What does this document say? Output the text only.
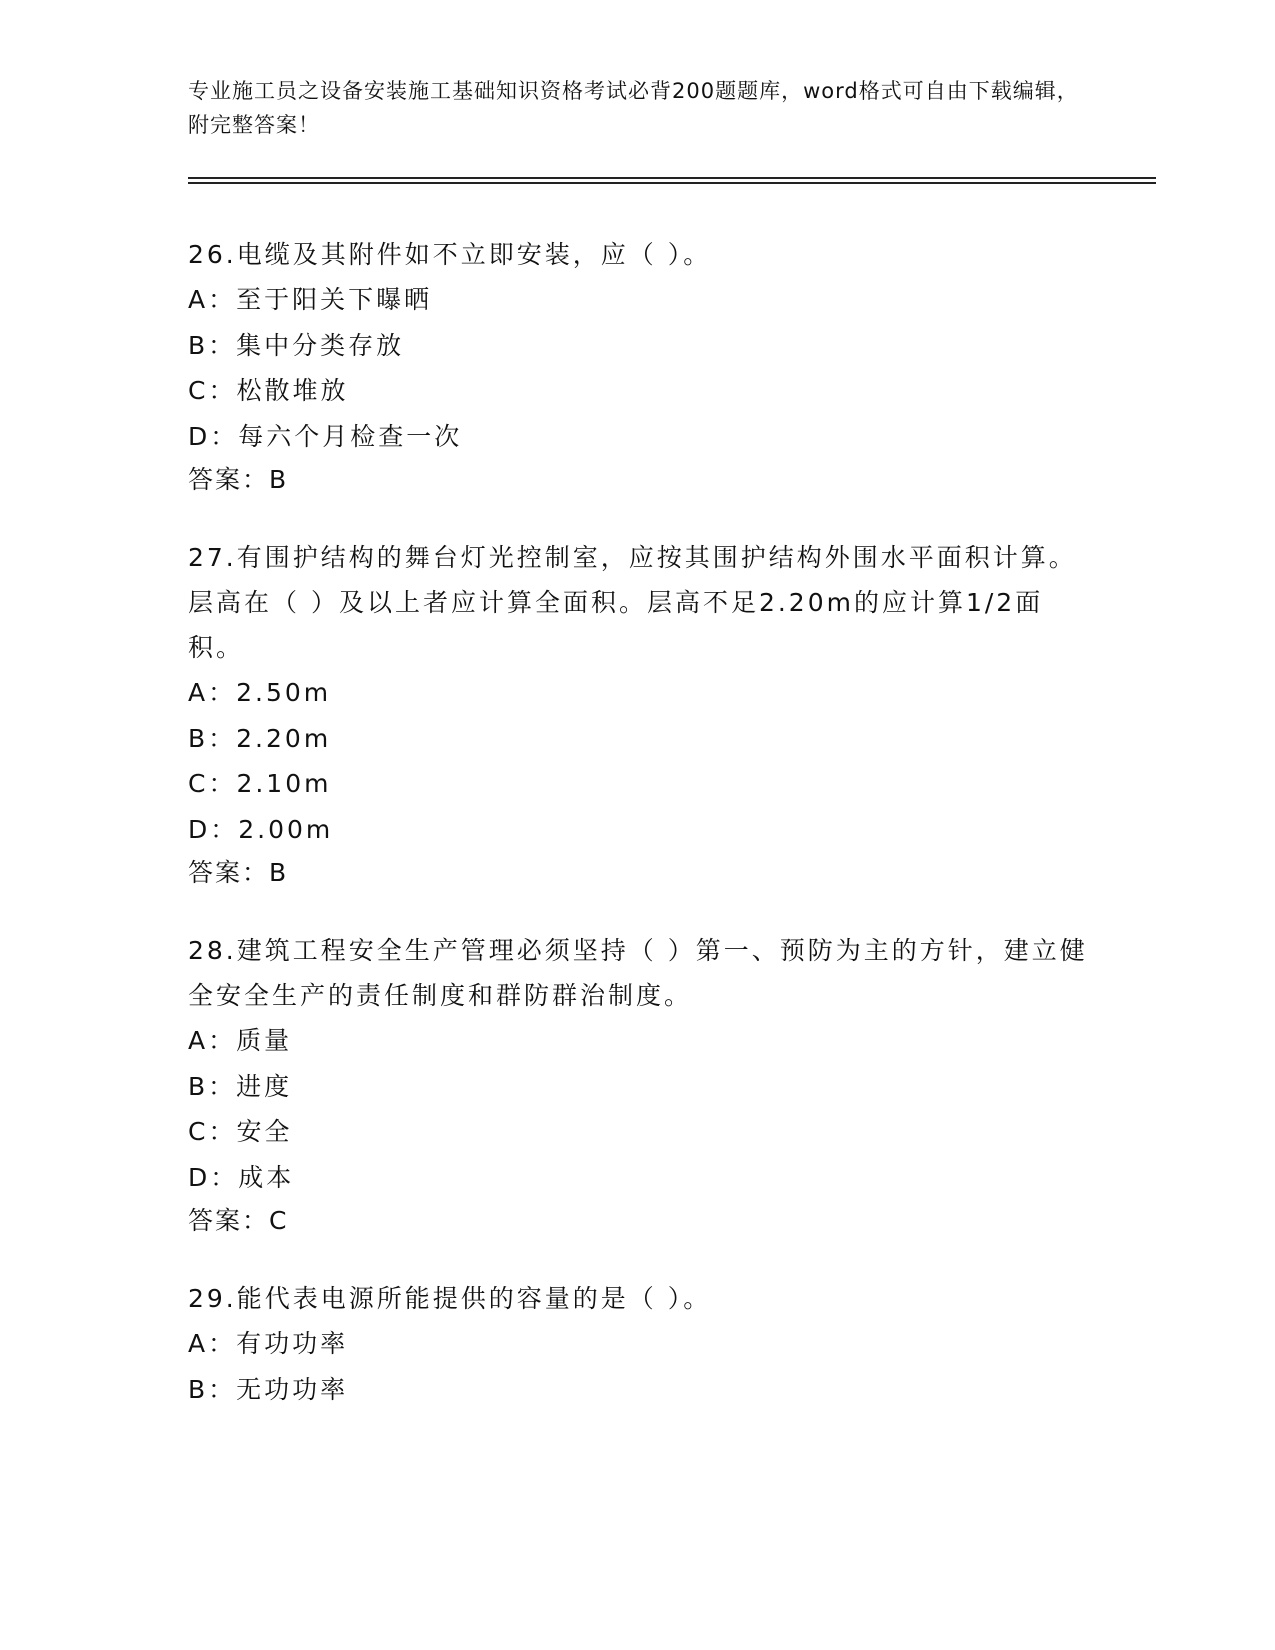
专业施工员之设备安装施工基础知识资格考试必背200题题库，word格式可自由下载编辑，附完整答案！
26.电缆及其附件如不立即安装，应（ ）。
A：至于阳关下曝晒
B：集中分类存放
C：松散堆放
D：每六个月检查一次
答案：B
27.有围护结构的舞台灯光控制室，应按其围护结构外围水平面积计算。层高在（ ）及以上者应计算全面积。层高不足2.20m的应计算1/2面积。
A：2.50m
B：2.20m
C：2.10m
D：2.00m
答案：B
28.建筑工程安全生产管理必须坚持（ ）第一、预防为主的方针，建立健全安全生产的责任制度和群防群治制度。
A：质量
B：进度
C：安全
D：成本
答案：C
29.能代表电源所能提供的容量的是（ ）。
A：有功功率
B：无功功率
